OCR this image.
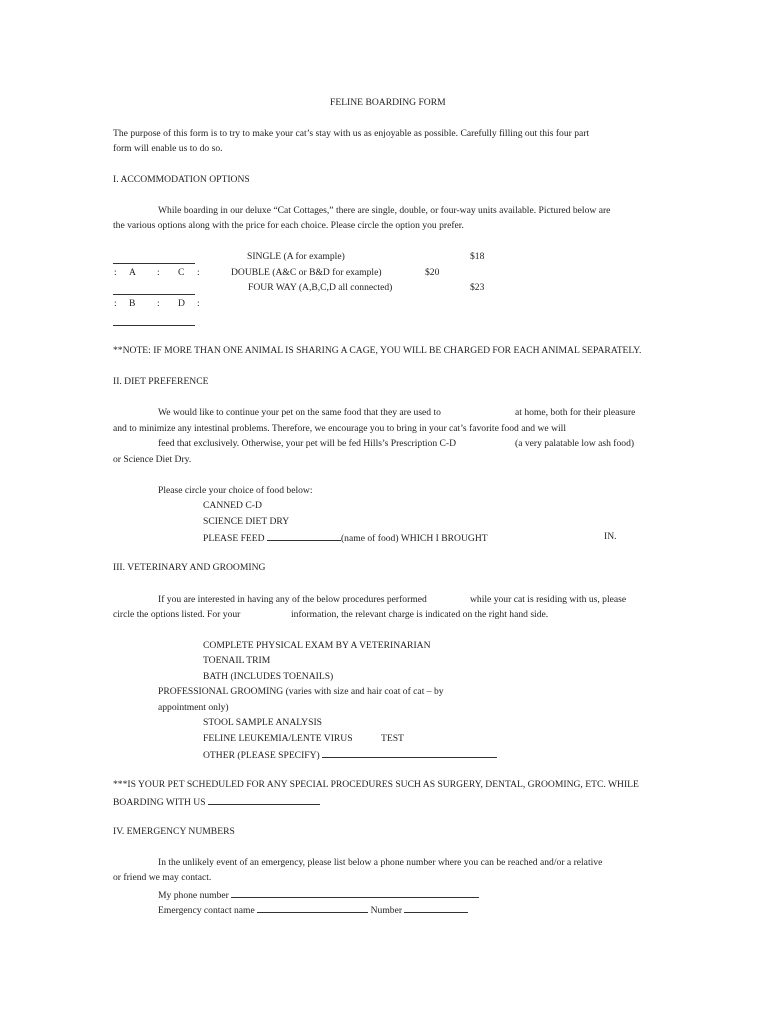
FELINE BOARDING FORM
The purpose of this form is to try to make your cat’s stay with us as enjoyable as possible. Carefully filling out this four part
form will enable us to do so.
I. ACCOMMODATION OPTIONS
While boarding in our deluxe “Cat Cottages,” there are single, double, or four-way units available. Pictured below are
the various options along with the price for each choice. Please circle the option you prefer.
: A : C :
: B : D :
SINGLE (A for example)	$18
DOUBLE (A&C or B&D for example)	$20
FOUR WAY (A,B,C,D all connected)	$23
**NOTE: IF MORE THAN ONE ANIMAL IS SHARING A CAGE, YOU WILL BE CHARGED FOR EACH ANIMAL SEPARATELY.
II. DIET PREFERENCE
We would like to continue your pet on the same food that they are used to	at home, both for their pleasure
and to minimize any intestinal problems. Therefore, we encourage you to bring in your cat’s favorite food and we will
feed that exclusively. Otherwise, your pet will be fed Hills’s Prescription C-D	(a very palatable low ash food)
or Science Diet Dry.
Please circle your choice of food below:
CANNED C-D
SCIENCE DIET DRY
PLEASE FEED	(name of food) WHICH I BROUGHT	IN.
III. VETERINARY AND GROOMING
If you are interested in having any of the below procedures performed	while your cat is residing with us, please
circle the options listed. For your	information, the relevant charge is indicated on the right hand side.
COMPLETE PHYSICAL EXAM BY A VETERINARIAN
TOENAIL TRIM
BATH (INCLUDES TOENAILS)
PROFESSIONAL GROOMING (varies with size and hair coat of cat – by
appointment only)
STOOL SAMPLE ANALYSIS
FELINE LEUKEMIA/LENTE VIRUS	TEST
OTHER (PLEASE SPECIFY)
***IS YOUR PET SCHEDULED FOR ANY SPECIAL PROCEDURES SUCH AS SURGERY, DENTAL, GROOMING, ETC. WHILE
BOARDING WITH US
IV. EMERGENCY NUMBERS
In the unlikely event of an emergency, please list below a phone number where you can be reached and/or a relative
or friend we may contact.
My phone number
Emergency contact name	Number
